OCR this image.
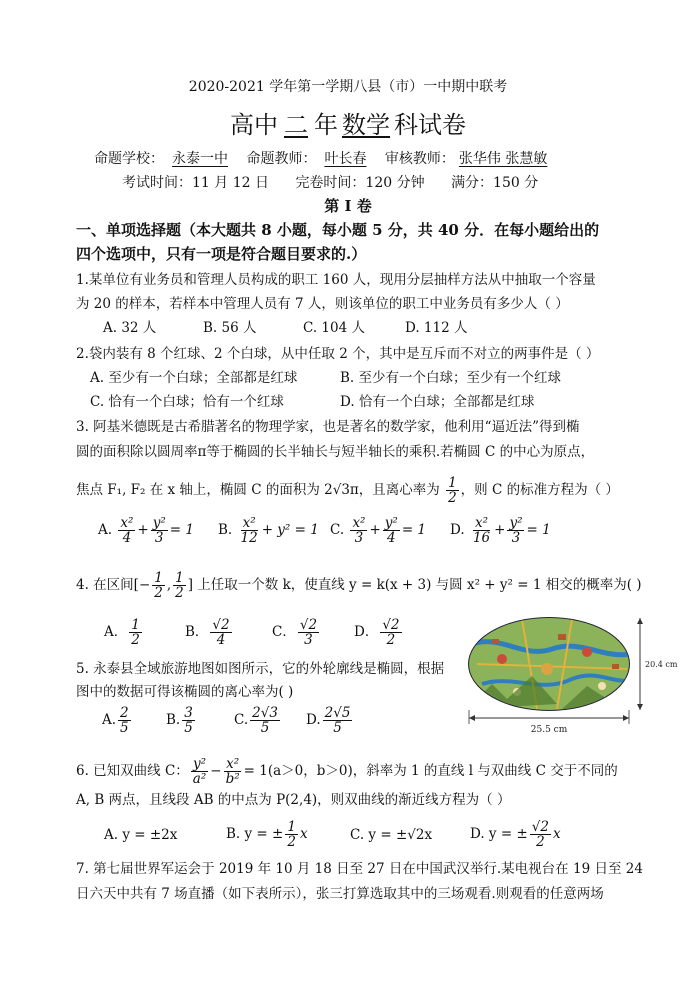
2020-2021 学年第一学期八县（市）一中期中联考
高中 二 年 数学 科试卷
命题学校： 永泰一中 命题教师： 叶长春 审核教师： 张华伟 张慧敏
考试时间：11 月 12 日 完卷时间：120 分钟 满分：150 分
第 I 卷
一、单项选择题（本大题共 8 小题，每小题 5 分，共 40 分．在每小题给出的
四个选项中，只有一项是符合题目要求的.）
1.某单位有业务员和管理人员构成的职工 160 人，现用分层抽样方法从中抽取一个容量
为 20 的样本，若样本中管理人员有 7 人，则该单位的职工中业务员有多少人（ ）
A. 32 人	B. 56 人	C. 104 人	D. 112 人
2.袋内装有 8 个红球、2 个白球，从中任取 2 个，其中是互斥而不对立的两事件是（ ）
A. 至少有一个白球；全部都是红球	B. 至少有一个白球；至少有一个红球
C. 恰有一个白球；恰有一个红球	D. 恰有一个白球；全部都是红球
3. 阿基米德既是古希腊著名的物理学家，也是著名的数学家，他利用“逼近法”得到椭
圆的面积除以圆周率π等于椭圆的长半轴长与短半轴长的乘积.若椭圆 C 的中心为原点，
焦点 F₁, F₂ 在 x 轴上，椭圆 C 的面积为 2√3π，且离心率为 $\frac{1}{2}$ ，则 C 的标准方程为（ ）
A. $\frac{\text{x²}}{4} + \frac{\text{y²}}{3} = 1$ B. $\frac{\text{x²}}{12} + y^2 = 1$ C. $\frac{\text{x²}}{3} + \frac{\text{y²}}{4} = 1$ D. $\frac{\text{x²}}{16} + \frac{\text{y²}}{3} = 1$
4. 在区间[− $\frac{1}{2}$ , $\frac{1}{2}$ ] 上任取一个数 k，使直线 y = k(x + 3) 与圆 x² + y² = 1 相交的概率为( )
A． $\frac{1}{2}$	B． $\frac{√2}{4}$	C． $\frac{√2}{3}$	D． $\frac{√2}{2}$
5. 永泰县全域旅游地图如图所示，它的外轮廓线是椭圆，根据
图中的数据可得该椭圆的离心率为( )
A. $\frac{2}{5}$	B. $\frac{3}{5}$	C. $\frac{2√3}{5} D$. $\frac{2√5}{5}$	25.5 cm
20.4 cm
6. 已知双曲线 C： $\frac{\text{y²}}{\text{a²}} - \frac{\text{x²}}{\text{b²}} = 1(a>0$，b＞0)，斜率为 1 的直线 l 与双曲线 C 交于不同的
A, B 两点，且线段 AB 的中点为 P(2,4)，则双曲线的渐近线方程为（ ）
A. y = ±2x	B. y = ± $\frac{1}{2}$ x	C. y = ±√2x	D. y = ± $\frac{√2}{2}$ x
7. 第七届世界军运会于 2019 年 10 月 18 日至 27 日在中国武汉举行.某电视台在 19 日至 24
日六天中共有 7 场直播（如下表所示），张三打算选取其中的三场观看.则观看的任意两场
